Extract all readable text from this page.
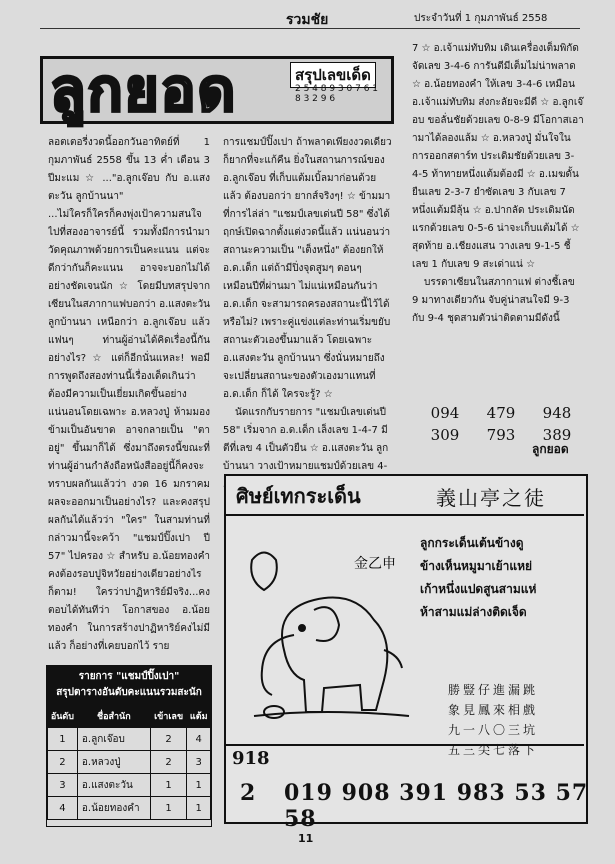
รวมชัย	ประจำวันที่ 1 กุมภาพันธ์ 2558
ลูกยอด	สรุปเลขเด็ด
2 5 4 8 9 3 0 7 6 1 8 3 2 9 6

ลอตเตอรี่งวดนี้ออกวันอาทิตย์ที่ 1 กุมภาพันธ์ 2558 ขึ้น 13 ค่ำ เดือน 3 ปีมะแม ☆ ..."อ.ลูกเจ๊อบ กับ อ.แสงตะวัน ลูกบ้านนา"

...ไม่ใครก็ใครก็คงพุ่งเป้าความสนใจไปที่สองอาจารย์นี้ รวมทั้งมีการนำมาวัดคุณภาพด้วยการเป็นคะแนน แต่จะดีกว่ากันก็คะแนน อาจจะบอกไม่ได้อย่างชัดเจนนัก ☆ โดยมีบทสรุปจากเซียนในสภากาแฟบอกว่า อ.แสงตะวัน ลูกบ้านนา เหนือกว่า อ.ลูกเจ๊อบ แล้วแฟนๆ ท่านผู้อ่านได้คิดเรื่องนี้กันอย่างไร? ☆ แต่ก็อีกนั่นแหละ! พอมีการพูดถึงสองท่านนี้เรื่องเด็ดเกินว่า ต้องมีความเป็นเยี่ยมเกิดขึ้นอย่างแน่นอนโดยเฉพาะ อ.หลวงปู่ ห้ามมองข้ามเป็นอันขาด อาจกลายเป็น "ตาอยู่" ขึ้นมาก็ได้ ซึ่งมาถึงตรงนี้ขณะที่ท่านผู้อ่านกำลังถือหนังสืออยู่นี้ก็คงจะทราบผลกันแล้วว่า งวด 16 มกราคม ผลจะออกมาเป็นอย่างไร? และคงสรุปผลกันได้แล้วว่า "ใคร" ในสามท่านที่กล่าวมานี้จะคว้า "แชมป์ปิ๊งเปา ปี 57" ไปครอง ☆ สำหรับ อ.น้อยทองคำ คงต้องรอบปูจิหวัยอย่างเดียวอย่างไรก็ตาม! ใครว่าปาฏิหาริย์มีจริง...คงตอบได้ทันทีว่า โอกาสของ อ.น้อยทองคำ ในการสร้างปาฏิหาริย์คงไม่มีแล้ว ก็อย่างที่เคยบอกไว้ ราย

การแชมป์ปิ๊งเปา ถ้าพลาดเพียงงวดเดียวก็ยากที่จะแก้คืน ยิ่งในสถานการณ์ของ อ.ลูกเจ๊อบ ที่เก็บแต้มเบิ้ลมาก่อนด้วยแล้ว ต้องบอกว่า ยากส์จริงๆ! ☆ ข้ามมาที่การไล่ล่า "แชมป์เลขเด่นปี 58" ซึ่งได้ฤกษ์เปิดฉากตั้งแต่งวดนี้แล้ว แน่นอนว่า สถานะความเป็น "เต็งหนึ่ง" ต้องยกให้ อ.ด.เด็ก แต่ถ้ามีปิ่งจุดสูมๆ ตอนๆ เหมือนปีที่ผ่านมา ไม่แน่เหมือนกันว่า อ.ด.เด็ก จะสามารถครองสถานะนี้ไว้ได้หรือไม่? เพราะคู่แข่งแต่ละท่านเริ่มขยับสถานะตัวเองขึ้นมาแล้ว โดยเฉพาะ อ.แสงตะวัน ลูกบ้านนา ซึ่งนั่นหมายถึงจะเปลี่ยนสถานะของตัวเองมาแทนที่ อ.ด.เด็ก ก็ได้ ใครจะรู้? ☆

นัดแรกกับรายการ "แชมป์เลขเด่นปี 58" เริ่มจาก อ.ด.เด็ก เล็งเลข 1-4-7 มีตีที่เลข 4 เป็นตัวยืน ☆ อ.แสงตะวัน ลูกบ้านนา วางเป้าหมายแชมป์ด้วยเลข 4-

7 ☆ อ.เจ้าแม่ทับทิม เดินเครื่องเต็มพิกัด จัดเลข 3-4-6 การันตีมีเต็มไม่น่าพลาด ☆ อ.น้อยทองคำ ให้เลข 3-4-6 เหมือน อ.เจ้าแม่ทับทิม ส่งกะลัยจะมีดี ☆ อ.ลูกเจ๊อบ ขอลั่นชัยด้วยเลข 0-8-9 มีโอกาสเอาามาได้ลองแล้ม ☆ อ.หลวงปู่ มั่นใจในการออกสตาร์ท ประเดิมชัยด้วยเลข 3-4-5 ท้าทายหนึ่งแต้มต้องมี ☆ อ.เมฆดั้น ยืนเลข 2-3-7 ยำซัดเลข 3 กับเลข 7 หนึ่งแต้มมีลุ้น ☆ อ.ปากลัด ประเดิมนัดแรกด้วยเลข 0-5-6 น่าจะเก็บแต้มได้ ☆ สุดท้าย อ.เชียงแสน วางเลข 9-1-5 ชี้เลข 1 กับเลข 9 สะเด่าแน่ ☆

บรรดาเซียนในสภากาแฟ ต่างชี้เลข 9 มาทางเดียวกัน จับคู่น่าสนใจมี 9-3 กับ 9-4 ชุดสามตัวน่าติดตามมีดังนี้

094	479	948
309	793	389
ลูกยอด
รายการ "แชมป์ปิ๊งเปา"
สรุปตารางอันดับคะแนนรวมสะนัก
อันดับ	ชื่อสำนัก	เข้าเลข	แต้ม
1	อ.ลูกเจ๊อบ	2	4
2	อ.หลวงปู่	2	3
3	อ.แสงตะวัน	1	1
4	อ.น้อยทองคำ	1	1
ศิษย์เทกระเด็น	義山亭之徒
金乙申
ลูกกระเด็นเต้นข้างดู
ข้างเห็นหมูมาเย้าแหย่
เก้าหนึ่งแปดสูนสามแห่
ห้าสามแม่ล่างติดเจ็ด
勝豎仔進漏跳
象見鳳來相戲
九一八〇三坑
五三尖七落下
918
2 019 908 391 983 53 57 58
11
